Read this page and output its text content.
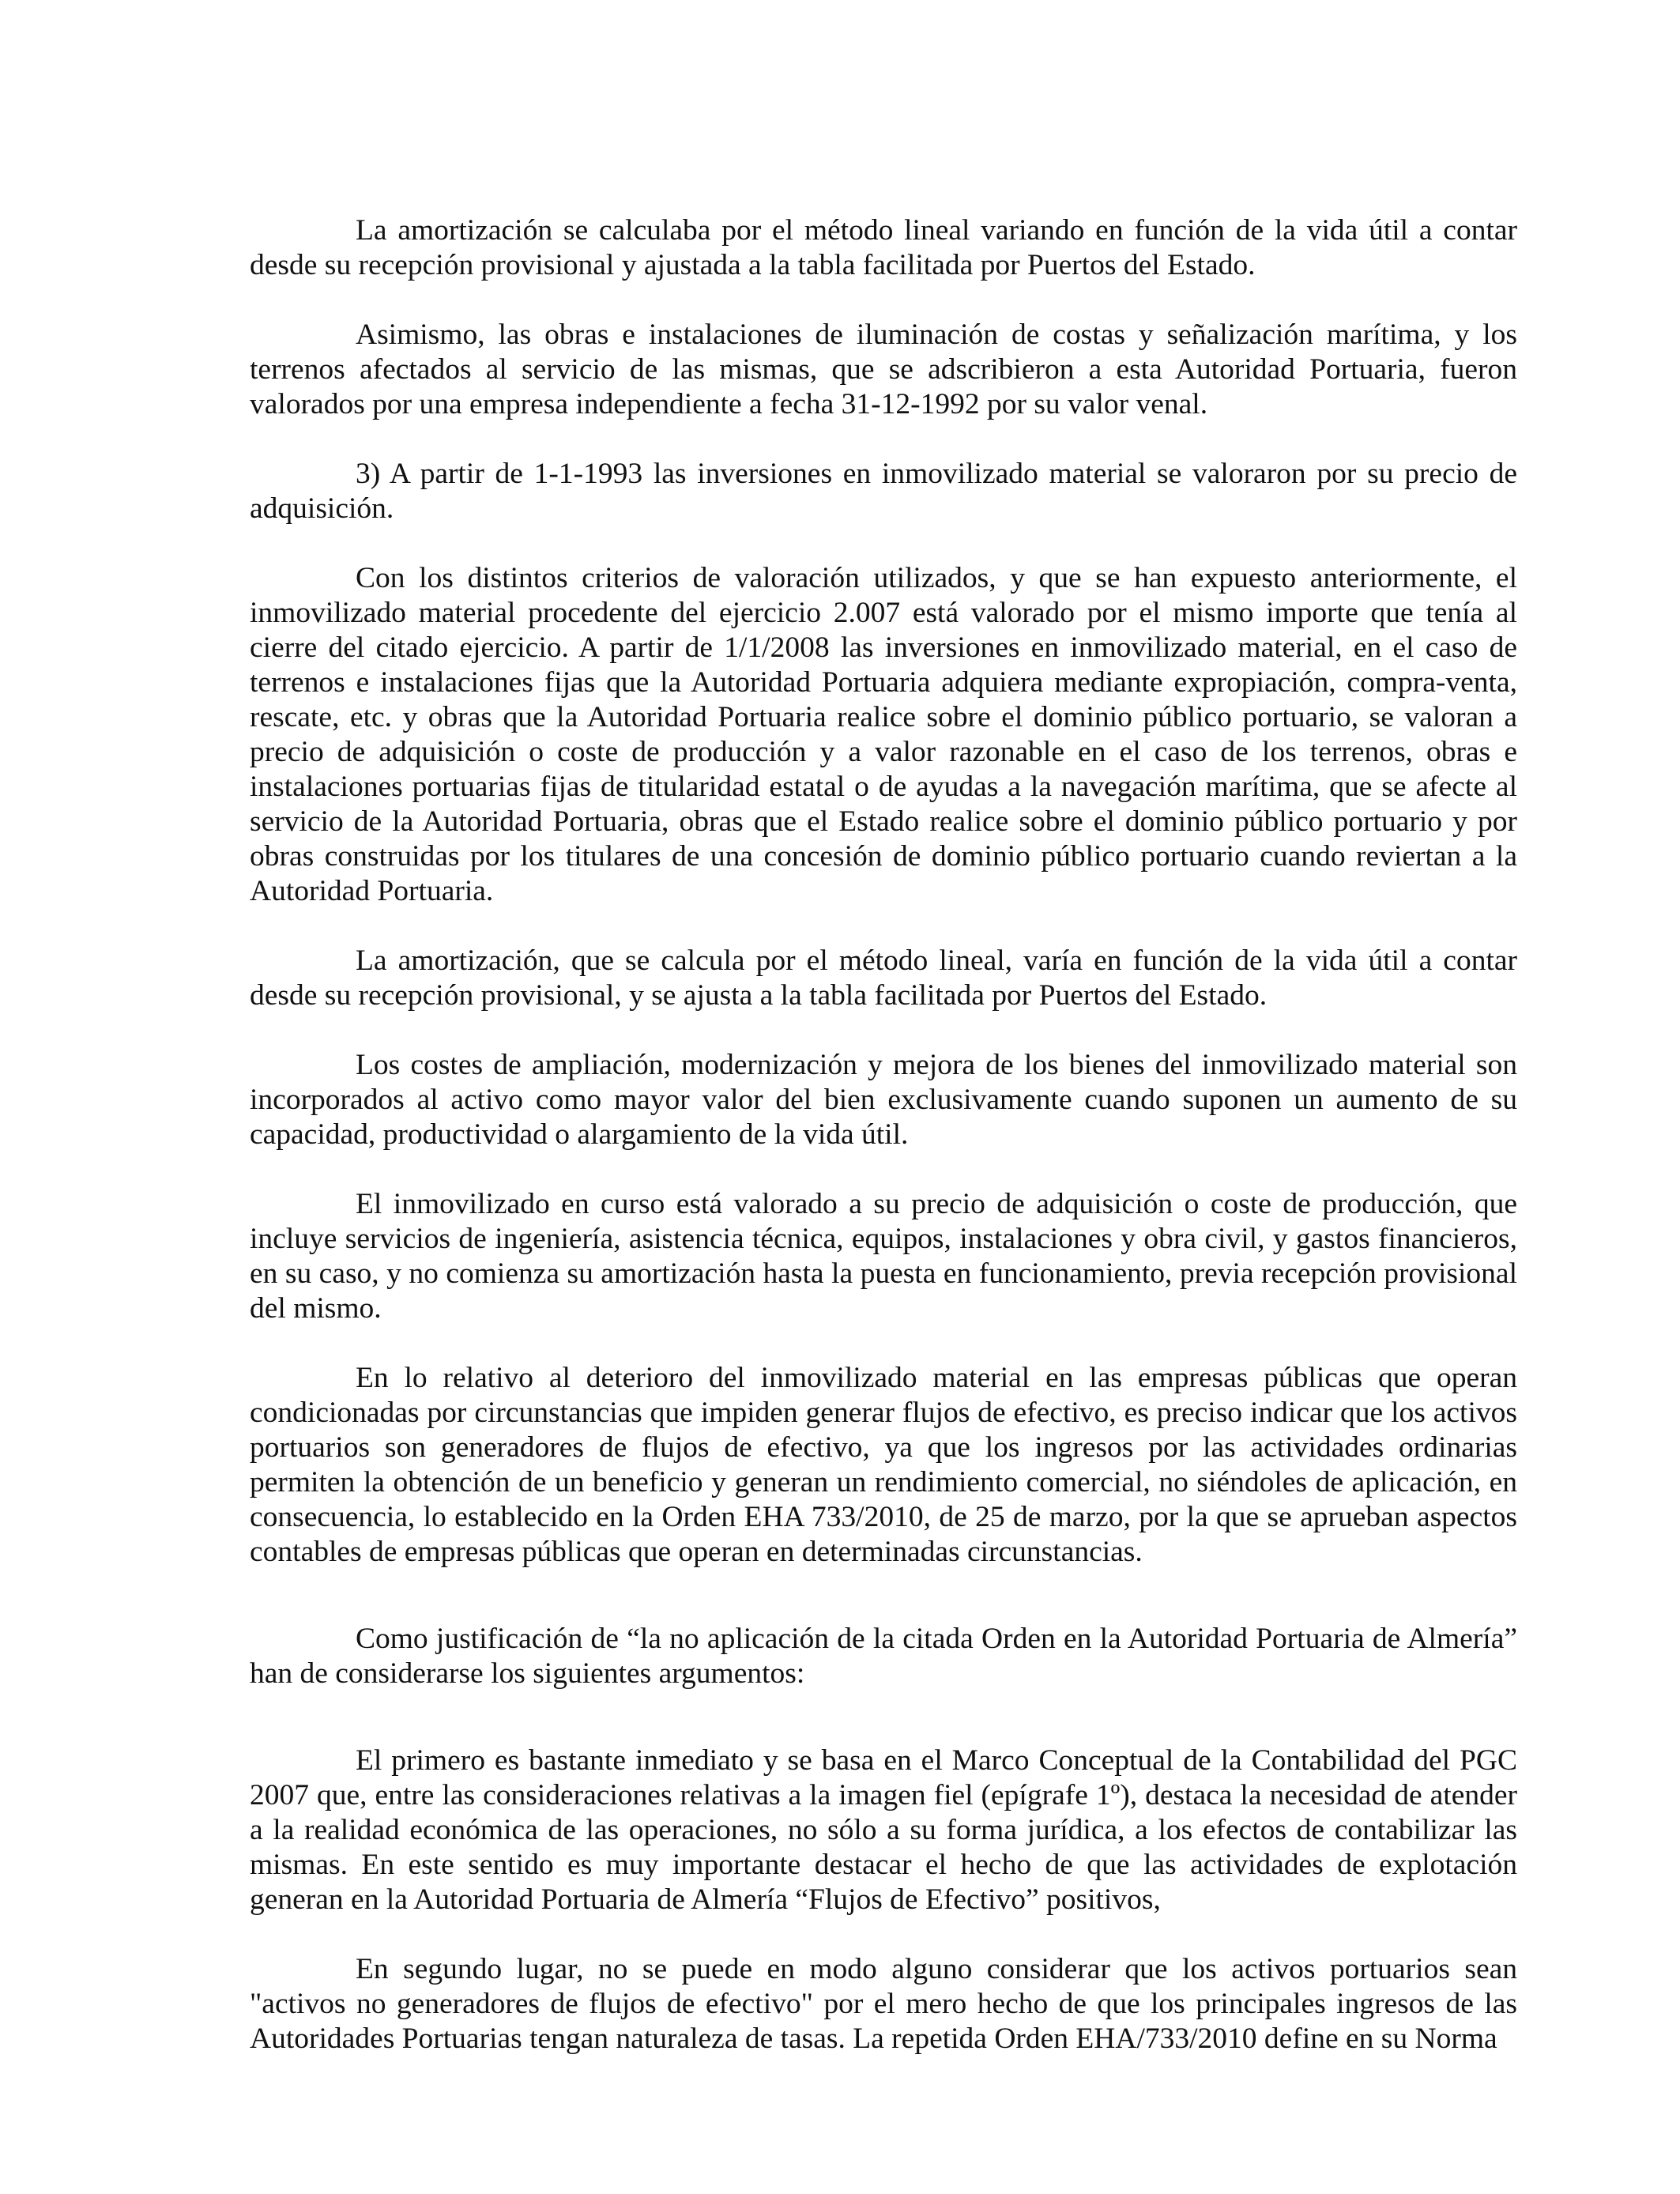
La amortización se calculaba por el método lineal variando en función de la vida útil a contar desde su recepción provisional y ajustada a la tabla facilitada por Puertos del Estado.

Asimismo, las obras e instalaciones de iluminación de costas y señalización marítima, y los terrenos afectados al servicio de las mismas, que se adscribieron a esta Autoridad Portuaria, fueron valorados por una empresa independiente a fecha 31-12-1992 por su valor venal.

3) A partir de 1-1-1993 las inversiones en inmovilizado material se valoraron por su precio de adquisición.

Con los distintos criterios de valoración utilizados, y que se han expuesto anteriormente, el inmovilizado material procedente del ejercicio 2.007 está valorado por el mismo importe que tenía al cierre del citado ejercicio. A partir de 1/1/2008 las inversiones en inmovilizado material, en el caso de terrenos e instalaciones fijas que la Autoridad Portuaria adquiera mediante expropiación, compra-venta, rescate, etc. y obras que la Autoridad Portuaria realice sobre el dominio público portuario, se valoran a precio de adquisición o coste de producción y a valor razonable en el caso de los terrenos, obras e instalaciones portuarias fijas de titularidad estatal o de ayudas a la navegación marítima, que se afecte al servicio de la Autoridad Portuaria, obras que el Estado realice sobre el dominio público portuario y por obras construidas por los titulares de una concesión de dominio público portuario cuando reviertan a la Autoridad Portuaria.

La amortización, que se calcula por el método lineal, varía en función de la vida útil a contar desde su recepción provisional, y se ajusta a la tabla facilitada por Puertos del Estado.

Los costes de ampliación, modernización y mejora de los bienes del inmovilizado material son incorporados al activo como mayor valor del bien exclusivamente cuando suponen un aumento de su capacidad, productividad o alargamiento de la vida útil.

El inmovilizado en curso está valorado a su precio de adquisición o coste de producción, que incluye servicios de ingeniería, asistencia técnica, equipos, instalaciones y obra civil, y gastos financieros, en su caso, y no comienza su amortización hasta la puesta en funcionamiento, previa recepción provisional del mismo.

En lo relativo al deterioro del inmovilizado material en las empresas públicas que operan condicionadas por circunstancias que impiden generar flujos de efectivo, es preciso indicar que los activos portuarios son generadores de flujos de efectivo, ya que los ingresos por las actividades ordinarias permiten la obtención de un beneficio y generan un rendimiento comercial, no siéndoles de aplicación, en consecuencia, lo establecido en la Orden EHA 733/2010, de 25 de marzo, por la que se aprueban aspectos contables de empresas públicas que operan en determinadas circunstancias.

Como justificación de “la no aplicación de la citada Orden en la Autoridad Portuaria de Almería” han de considerarse los siguientes argumentos:

El primero es bastante inmediato y se basa en el Marco Conceptual de la Contabilidad del PGC 2007 que, entre las consideraciones relativas a la imagen fiel (epígrafe 1º), destaca la necesidad de atender a la realidad económica de las operaciones, no sólo a su forma jurídica, a los efectos de contabilizar las mismas. En este sentido es muy importante destacar el hecho de que las actividades de explotación generan en la Autoridad Portuaria de Almería “Flujos de Efectivo” positivos,

En segundo lugar, no se puede en modo alguno considerar que los activos portuarios sean "activos no generadores de flujos de efectivo" por el mero hecho de que los principales ingresos de las Autoridades Portuarias tengan naturaleza de tasas. La repetida Orden EHA/733/2010 define en su Norma
